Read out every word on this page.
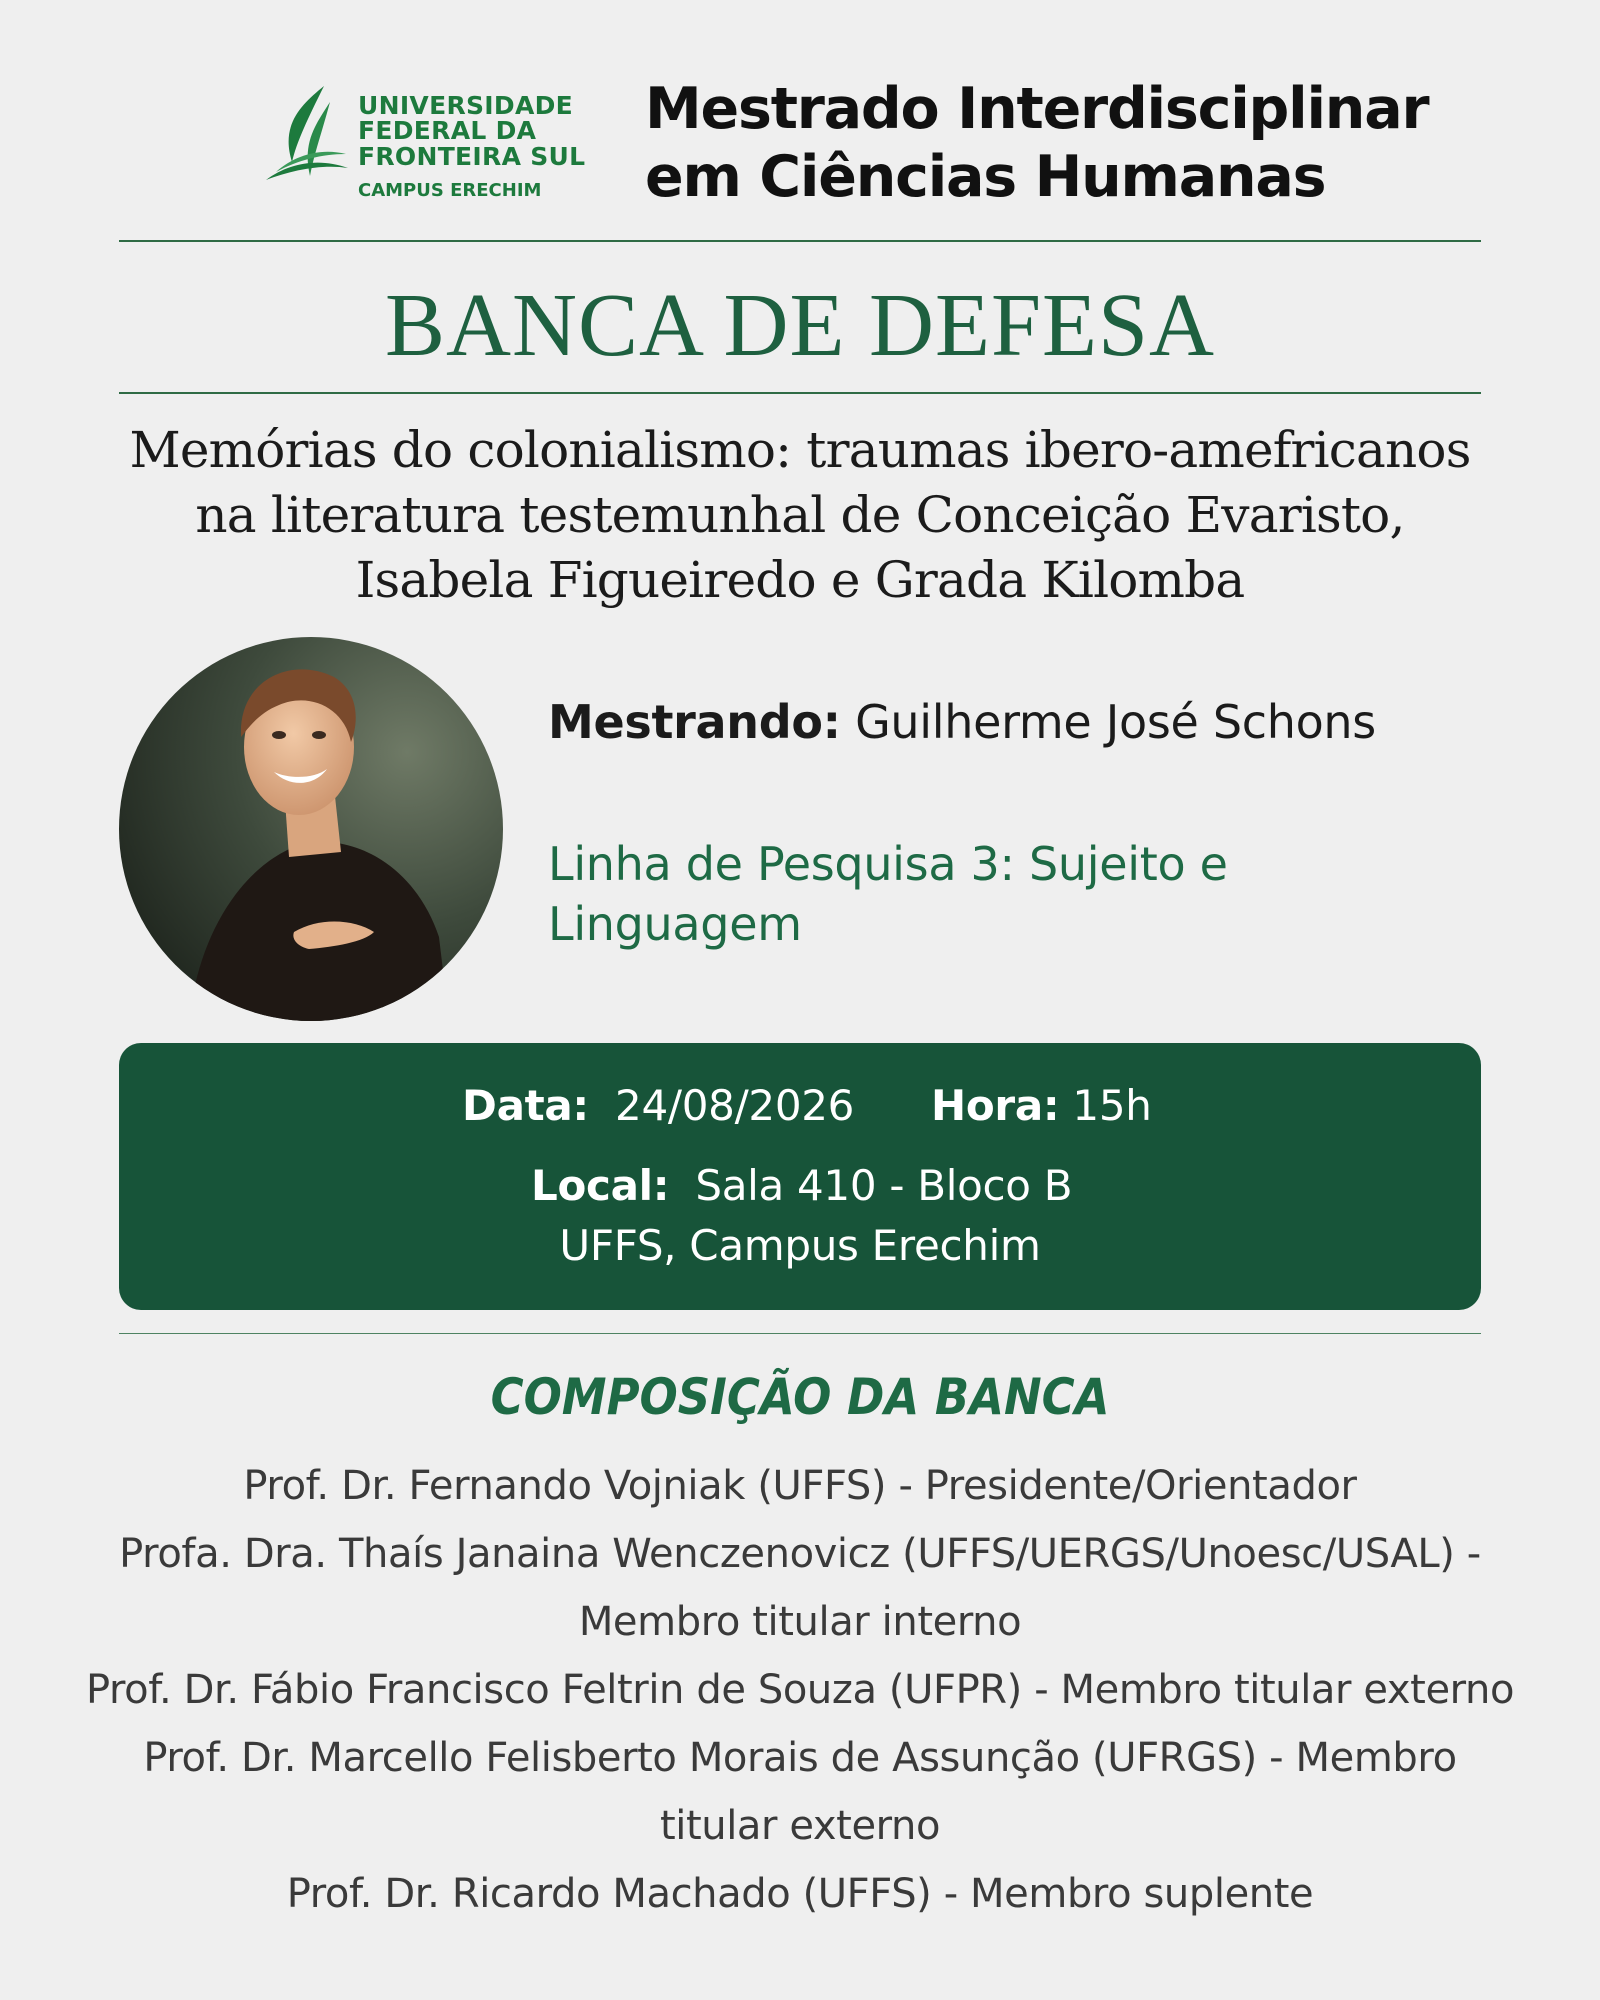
UNIVERSIDADE
FEDERAL DA
FRONTEIRA SUL
CAMPUS ERECHIM
Mestrado Interdisciplinar
em Ciências Humanas
BANCA DE DEFESA
Memórias do colonialismo: traumas ibero-amefricanos
na literatura testemunhal de Conceição Evaristo,
Isabela Figueiredo e Grada Kilomba
Mestrando: Guilherme José Schons
Linha de Pesquisa 3: Sujeito e
Linguagem
Data: 24/08/2026 Hora: 15h
Local: Sala 410 - Bloco B
UFFS, Campus Erechim
COMPOSIÇÃO DA BANCA
Prof. Dr. Fernando Vojniak (UFFS) - Presidente/Orientador
Profa. Dra. Thaís Janaina Wenczenovicz (UFFS/UERGS/Unoesc/USAL) -
Membro titular interno
Prof. Dr. Fábio Francisco Feltrin de Souza (UFPR) - Membro titular externo
Prof. Dr. Marcello Felisberto Morais de Assunção (UFRGS) - Membro
titular externo
Prof. Dr. Ricardo Machado (UFFS) - Membro suplente
